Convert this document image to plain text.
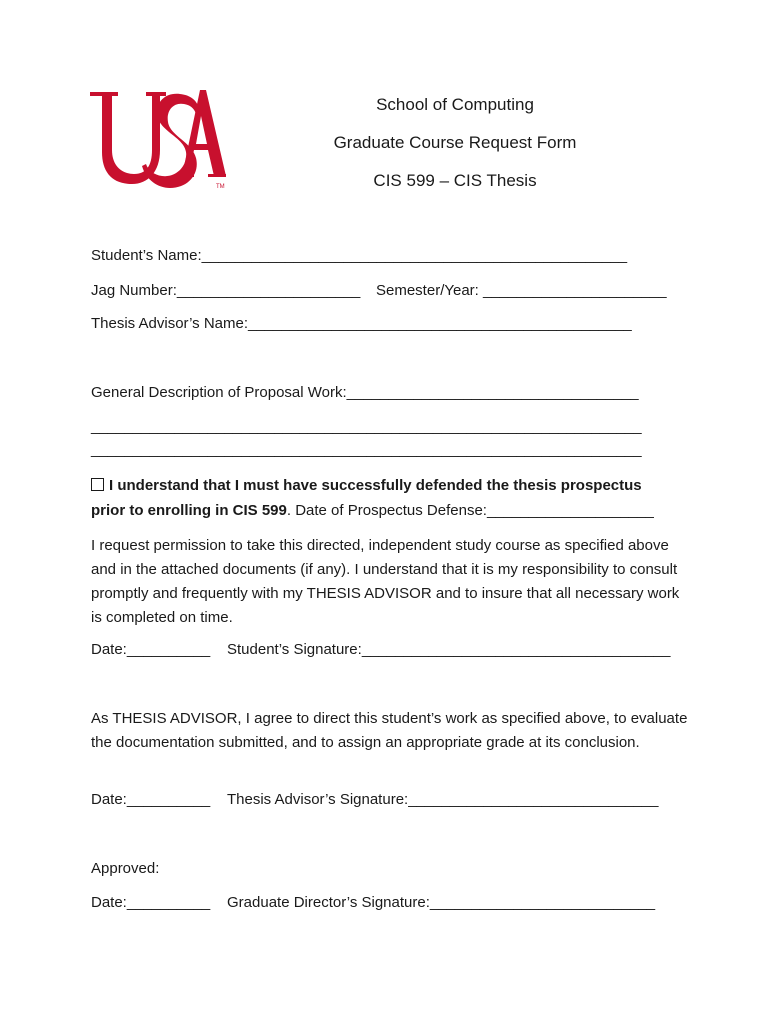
TM
School of Computing
Graduate Course Request Form
CIS 599 – CIS Thesis
Student’s Name:___________________________________________________
Jag Number:______________________ Semester/Year: ______________________
Thesis Advisor’s Name:______________________________________________
General Description of Proposal Work:___________________________________
__________________________________________________________________
__________________________________________________________________
I understand that I must have successfully defended the thesis prospectus
prior to enrolling in CIS 599. Date of Prospectus Defense:____________________
I request permission to take this directed, independent study course as specified above and in the attached documents (if any). I understand that it is my responsibility to consult promptly and frequently with my THESIS ADVISOR and to insure that all necessary work is completed on time.
Date:__________ Student’s Signature:_____________________________________
As THESIS ADVISOR, I agree to direct this student’s work as specified above, to evaluate the documentation submitted, and to assign an appropriate grade at its conclusion.
Date:__________ Thesis Advisor’s Signature:______________________________
Approved:
Date:__________ Graduate Director’s Signature:___________________________
